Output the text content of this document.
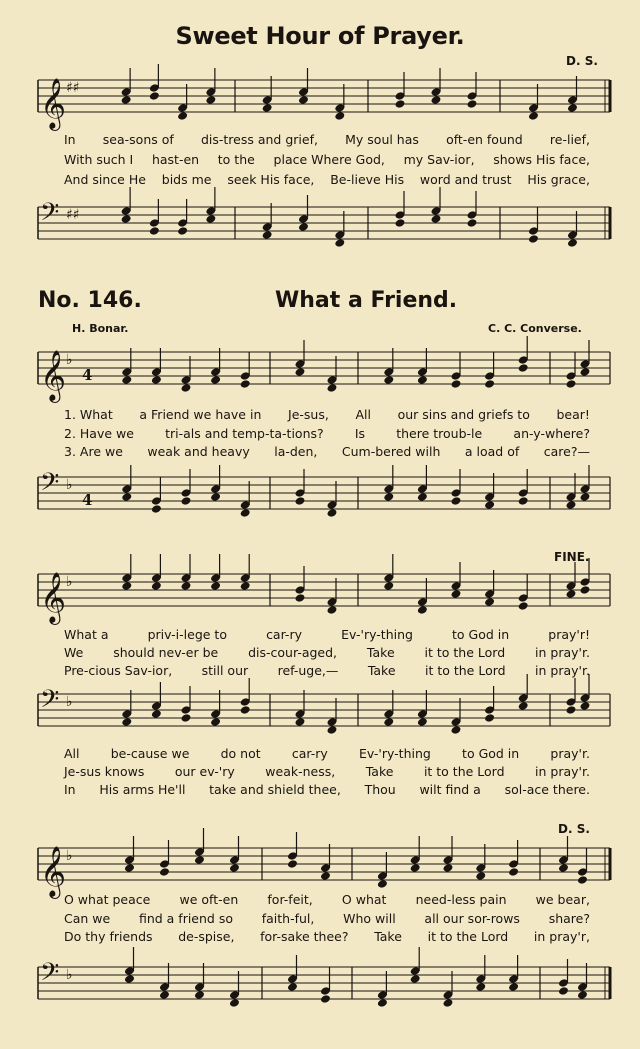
Sweet Hour of Prayer.
D. S.
𝄞 ♯♯
In sea-sons of dis-tress and grief, My soul has oft-en found re-lief,
With such I hast-en to the place Where God, my Sav-ior, shows His face,
And since He bids me seek His face, Be-lieve His word and trust His grace,
𝄢 ♯♯
No. 146.	What a Friend.
H. Bonar.	C. C. Converse.
𝄞 ♭
4
1. What a Friend we have in Je-sus, All our sins and griefs to bear!
2. Have we tri-als and temp-ta-tions? Is there troub-le an-y-where?
3. Are we weak and heavy la-den, Cum-bered wilh a load of care?—
𝄢 ♭
4
FINE.
𝄞 ♭
What a	priv-i-lege to	car-ry	Ev-'ry-thing	to God in	pray'r!
We should nev-er be dis-cour-aged, Take it to the Lord in pray'r.
Pre-cious Sav-ior, still our ref-uge,— Take it to the Lord in pray'r.
𝄢 ♭
All be-cause we do not car-ry Ev-'ry-thing to God in pray'r.
Je-sus knows our ev-'ry weak-ness, Take it to the Lord in pray'r.
In His arms He'll take and shield thee, Thou wilt find a sol-ace there.
D. S.
𝄞 ♭
O what peace we oft-en for-feit, O what need-less pain we bear,
Can we find a friend so faith-ful, Who will all our sor-rows share?
Do thy friends de-spise, for-sake thee? Take it to the Lord in pray'r,
𝄢 ♭
